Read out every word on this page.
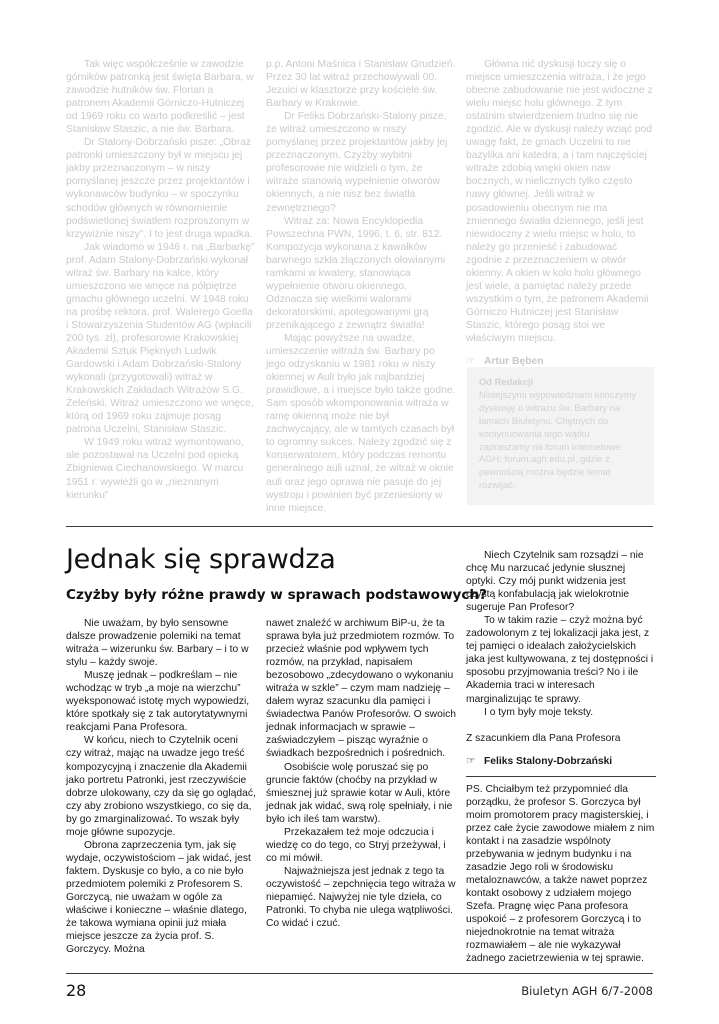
Tak więc współcześnie w zawodzie górników patronką jest święta Barbara, w zawodzie hutników św. Florian a patronem Akademii Górniczo-Hutniczej od 1969 roku co warto podkreślić – jest Stanisław Staszic, a nie św. Barbara.

Dr Stalony-Dobrzański pisze: „Obraz patronki umieszczony był w miejscu jej jakby przeznaczonym – w niszy pomyślanej jeszcze przez projektantów i wykonawców budynku – w spoczynku schodów głównych w równomiernie podświetlonej światłem rozproszonym w krzywiźnie niszy”. I to jest druga wpadka.

Jak wiadomo w 1946 r. na „Barbarkę” prof. Adam Stalony-Dobrzański wykonał witraż św. Barbary na kalce, który umieszczono we wnęce na półpiętrze gmachu głównego uczelni. W 1948 roku na prośbę rektora, prof. Walerego Goetla i Stowarzyszenia Studentów AG (wpłacili 200 tys. zł), profesorowie Krakowskiej Akademii Sztuk Pięknych Ludwik Gardowski i Adam Dobrzański-Stalony wykonali (przygotowali) witraż w Krakowskich Zakładach Witrażów S.G. Żeleński. Witraż umieszczono we wnęce, którą od 1969 roku zajmuje posąg patrona Uczelni, Stanisław Staszic.

W 1949 roku witraż wymontowano, ale pozostawał na Uczelni pod opieką Zbigniewa Ciechanowskiego. W marcu 1951 r. wywieźli go w „nieznanym kierunku”

p.p. Antoni Maśnica i Stanisław Grudzień. Przez 30 lat witraż przechowywali 00. Jezuici w klasztorze przy kościele św. Barbary w Krakowie.

Dr Feliks Dobrzański-Stalony pisze, że witraż umieszczono w niszy pomyślanej przez projektantów jakby jej przeznaczonym. Czyżby wybitni profesorowie nie widzieli o tym, że witraże stanowią wypełnienie otworów okiennych, a nie nisz bez światła zewnętrznego?

Witraż za: Nowa Encyklopedia Powszechna PWN, 1996, t. 6, str. 812. Kompozycja wykonana z kawałków barwnego szkła złączonych ołowianymi ramkami w kwatery, stanowiąca wypełnienie otworu okiennego. Odznacza się wielkimi walorami dekoratorskimi, apotegowanymi grą przenikającego z zewnątrz światła!

Mając powyższe na uwadze, umieszczenie witraża św. Barbary po jego odzyskaniu w 1981 roku w niszy okiennej w Auli było jak najbardziej prawidłowe, a i miejsce było także godne. Sam sposób wkomponowania witraża w ramę okienną może nie był zachwycający, ale w tamtych czasach był to ogromny sukces. Należy zgodzić się z konserwatorem, który podczas remontu generalnego auli uznał, że witraż w oknie auli oraz jego oprawa nie pasuje do jej wystroju i powinien być przeniesiony w inne miejsce.

Główna nić dyskusji toczy się o miejsce umieszczenia witraża, i że jego obecne zabudowanie nie jest widoczne z wielu miejsc holu głównego. Z tym ostatnim stwierdzeniem trudno się nie zgodzić. Ale w dyskusji należy wziąć pod uwagę fakt, że gmach Uczelni to nie bazylika ani katedra, a i tam najczęściej witraże zdobią wnęki okien naw bocznych, w nielicznych tylko często nawy głównej. Jeśli witraż w posadowieniu obecnym nie ma zmiennego światła dziennego, jeśli jest niewidoczny z wielu miejsc w holu, to należy go przenieść i zabudować zgodnie z przeznaczeniem w otwór okienny. A okien w kolo holu głównego jest wiele, a pamiętać należy przede wszystkim o tym, że patronem Akademii Górniczo Hutniczej jest Stanisław Staszic, którego posąg stoi we właściwym miejscu.

☞ Artur Bęben

Od Redakcji
Niniejszymi wypowiedziami kończymy dyskusję o witrażu św. Barbary na łamach Biuletynu. Chętnych do kontynuowania tego wątku zapraszamy na forum internetowe AGH: forum.agh.edu.pl, gdzie z pewnością można będzie temat rozwijać.
Jednak się sprawdza
Czyżby były różne prawdy w sprawach podstawowych?

Nie uważam, by było sensowne dalsze prowadzenie polemiki na temat witraża – wizerunku św. Barbary – i to w stylu – każdy swoje.

Muszę jednak – podkreślam – nie wchodząc w tryb „a moje na wierzchu” wyeksponować istotę mych wypowiedzi, które spotkały się z tak autorytatywnymi reakcjami Pana Profesora.

W końcu, niech to Czytelnik oceni czy witraż, mając na uwadze jego treść kompozycyjną i znaczenie dla Akademii jako portretu Patronki, jest rzeczywiście dobrze ulokowany, czy da się go oglądać, czy aby zrobiono wszystkiego, co się da, by go zmarginalizować. To wszak były moje główne supozycje.

Obrona zaprzeczenia tym, jak się wydaje, oczywistościom – jak widać, jest faktem. Dyskusje co było, a co nie było przedmiotem polemiki z Profesorem S. Gorczycą, nie uważam w ogóle za właściwe i konieczne – właśnie dlatego, że takowa wymiana opinii już miała miejsce jeszcze za życia prof. S. Gorczycy. Można

nawet znaleźć w archiwum BiP-u, że ta sprawa była już przedmiotem rozmów. To przecież właśnie pod wpływem tych rozmów, na przykład, napisałem bezosobowo „zdecydowano o wykonaniu witraża w szkle” – czym mam nadzieję – dałem wyraz szacunku dla pamięci i świadectwa Panów Profesorów. O swoich jednak informacjach w sprawie – zaświadczyłem – pisząc wyraźnie o świadkach bezpośrednich i pośrednich.

Osobiście wolę poruszać się po gruncie faktów (choćby na przykład w śmiesznej już sprawie kotar w Auli, które jednak jak widać, swą rolę spełniały, i nie było ich ileś tam warstw).

Przekazałem też moje odczucia i wiedzę co do tego, co Stryj przeżywał, i co mi mówił.

Najważniejsza jest jednak z tego ta oczywistość – zepchnięcia tego witraża w niepamięć. Najwyżej nie tyle dzieła, co Patronki. To chyba nie ulega wątpliwości. Co widać i czuć.

Niech Czytelnik sam rozsądzi – nie chcę Mu narzucać jedynie słusznej optyki. Czy mój punkt widzenia jest czystą konfabulacją jak wielokrotnie sugeruje Pan Profesor?

To w takim razie – czyż można być zadowolonym z tej lokalizacji jaka jest, z tej pamięci o idealach założycielskich jaka jest kultywowana, z tej dostępności i sposobu przyjmowania treści? No i ile Akademia traci w interesach marginalizując te sprawy.

I o tym były moje teksty.

Z szacunkiem dla Pana Profesora

☞ Feliks Stalony-Dobrzański

PS. Chciałbym też przypomnieć dla porządku, że profesor S. Gorczyca był moim promotorem pracy magisterskiej, i przez całe życie zawodowe miałem z nim kontakt i na zasadzie wspólnoty przebywania w jednym budynku i na zasadzie Jego roli w środowisku metaloznawców, a także nawet poprzez kontakt osobowy z udziałem mojego Szefa. Pragnę więc Pana profesora uspokoić – z profesorem Gorczycą i to niejednokrotnie na temat witraża rozmawiałem – ale nie wykazywał żadnego zacietrzewienia w tej sprawie.

28	Biuletyn AGH 6/7-2008
